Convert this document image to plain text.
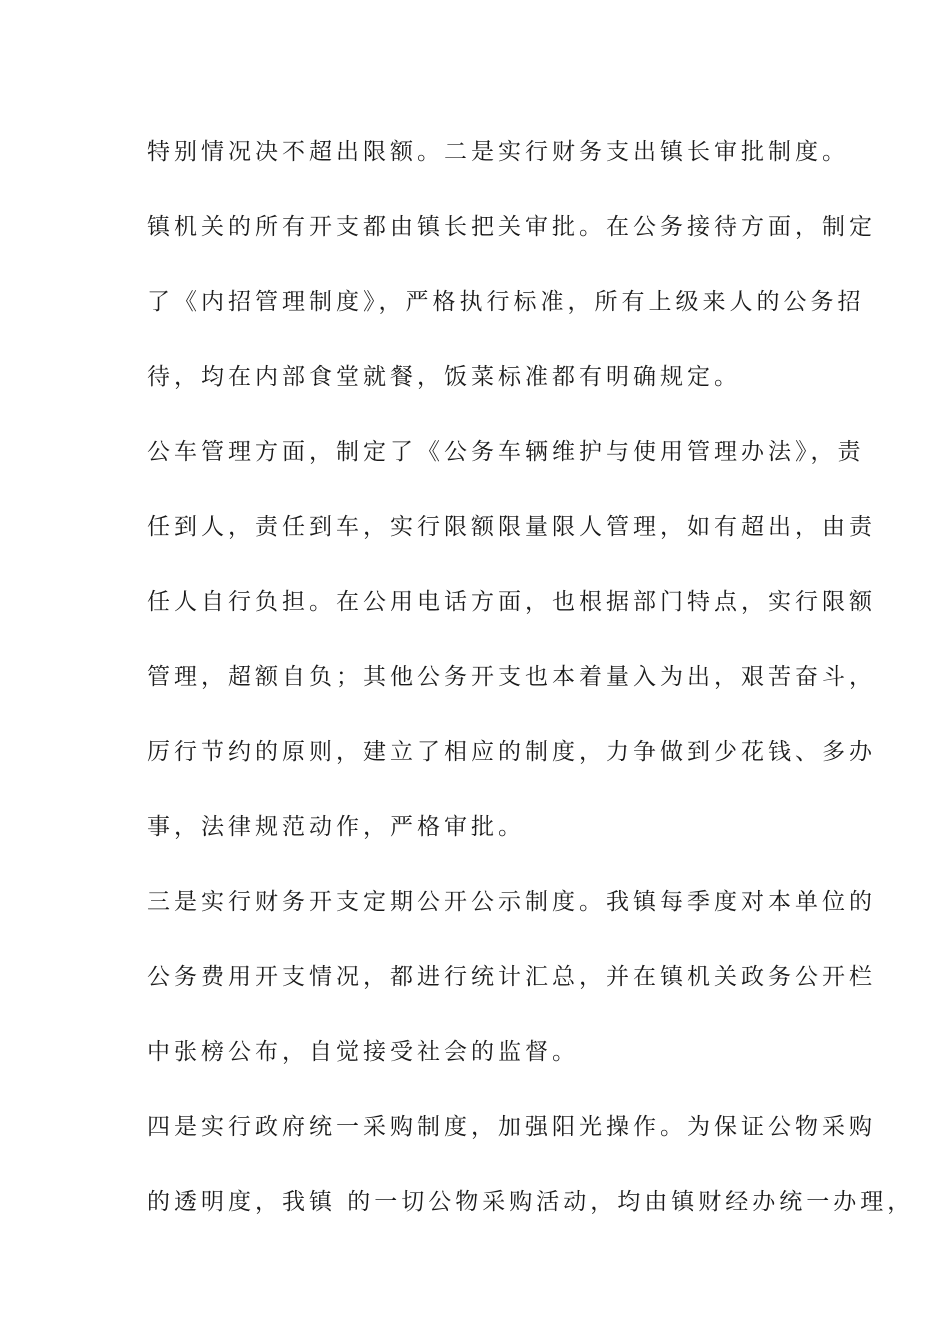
特别情况决不超出限额。二是实行财务支出镇长审批制度。
镇机关的所有开支都由镇长把关审批。在公务接待方面，制定
了《内招管理制度》，严格执行标准，所有上级来人的公务招
待，均在内部食堂就餐，饭菜标准都有明确规定。
公车管理方面，制定了《公务车辆维护与使用管理办法》，责
任到人，责任到车，实行限额限量限人管理，如有超出，由责
任人自行负担。在公用电话方面，也根据部门特点，实行限额
管理，超额自负；其他公务开支也本着量入为出，艰苦奋斗，
厉行节约的原则，建立了相应的制度，力争做到少花钱、多办
事，法律规范动作，严格审批。
三是实行财务开支定期公开公示制度。我镇每季度对本单位的
公务费用开支情况，都进行统计汇总，并在镇机关政务公开栏
中张榜公布，自觉接受社会的监督。
四是实行政府统一采购制度，加强阳光操作。为保证公物采购
的透明度，我镇 的一切公物采购活动，均由镇财经办统一办理，
